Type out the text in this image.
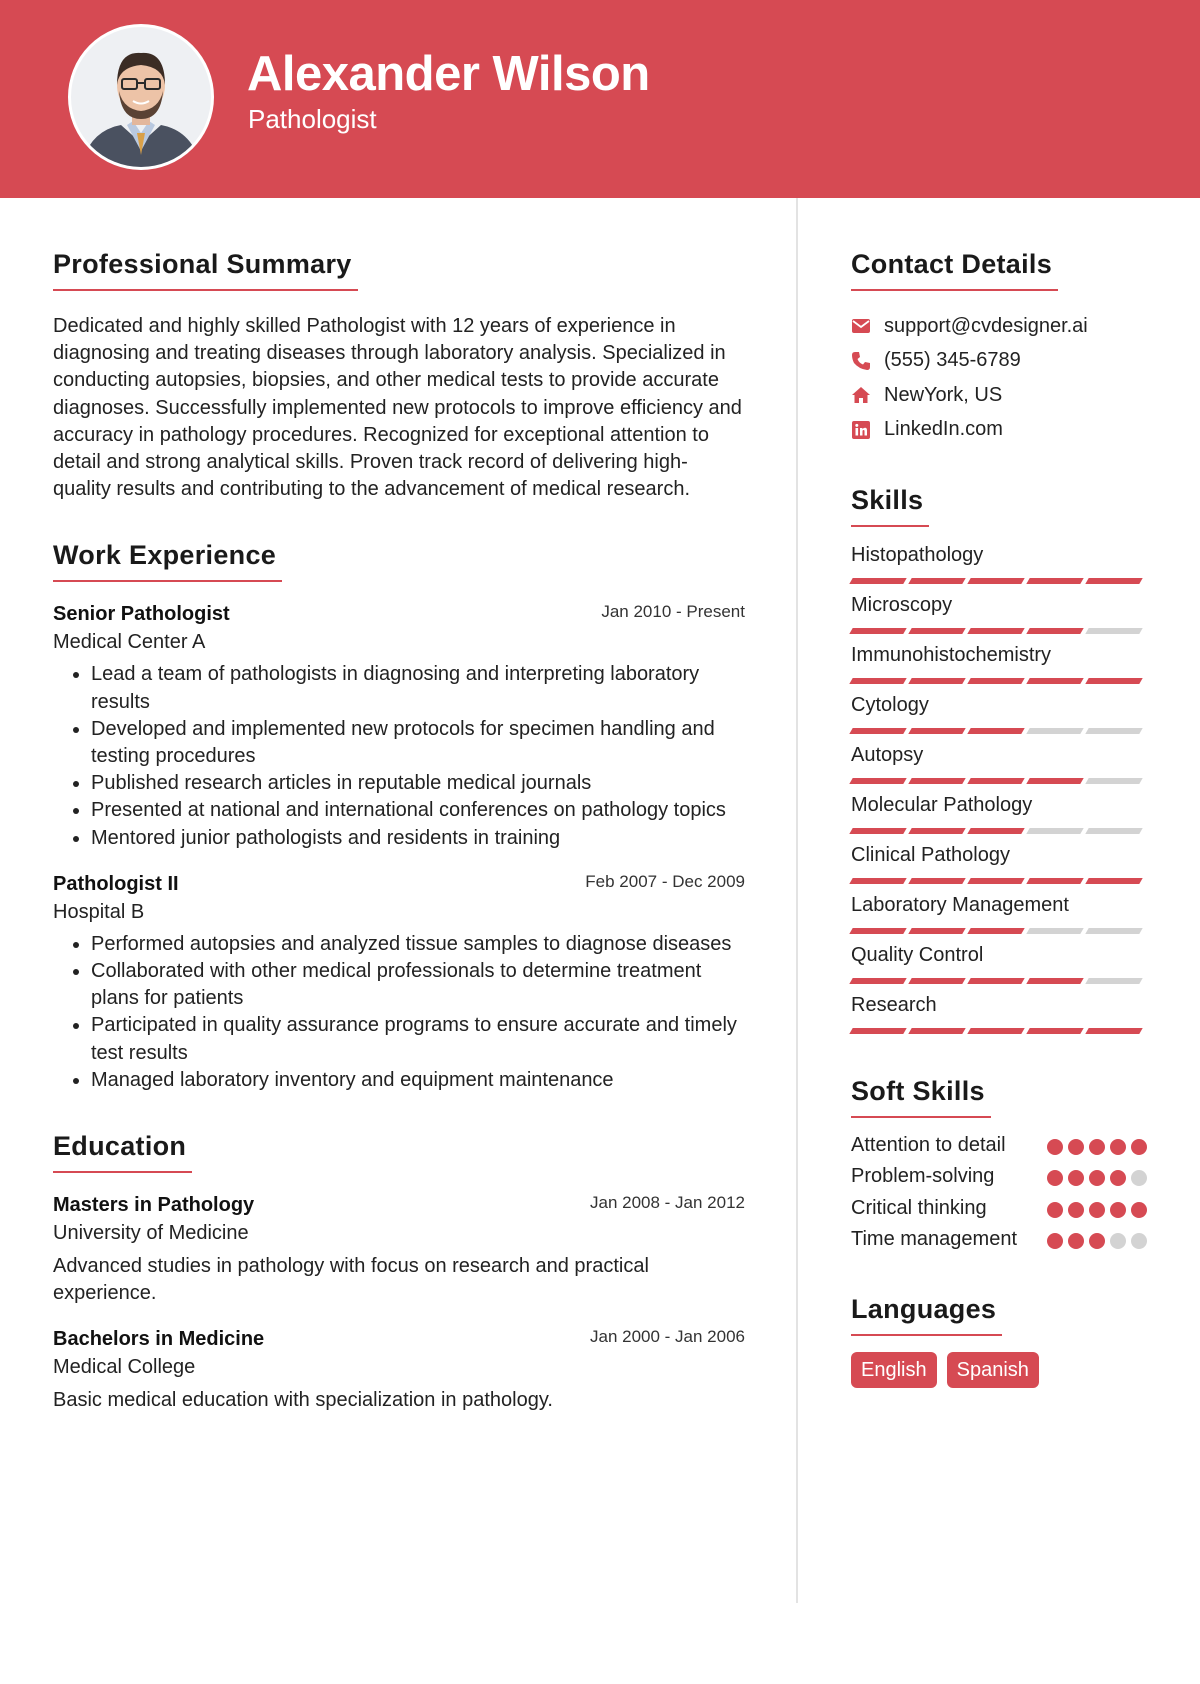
Alexander Wilson

Pathologist

Professional Summary

Dedicated and highly skilled Pathologist with 12 years of experience in diagnosing and treating diseases through laboratory analysis. Specialized in conducting autopsies, biopsies, and other medical tests to provide accurate diagnoses. Successfully implemented new protocols to improve efficiency and accuracy in pathology procedures. Recognized for exceptional attention to detail and strong analytical skills. Proven track record of delivering high-quality results and contributing to the advancement of medical research.

Work Experience
Senior Pathologist	Jan 2010 - Present
Medical Center A
• Lead a team of pathologists in diagnosing and interpreting laboratory results
• Developed and implemented new protocols for specimen handling and testing procedures
• Published research articles in reputable medical journals
• Presented at national and international conferences on pathology topics
• Mentored junior pathologists and residents in training
Pathologist II	Feb 2007 - Dec 2009
Hospital B
• Performed autopsies and analyzed tissue samples to diagnose diseases
• Collaborated with other medical professionals to determine treatment plans for patients
• Participated in quality assurance programs to ensure accurate and timely test results
• Managed laboratory inventory and equipment maintenance
Education
Masters in Pathology	Jan 2008 - Jan 2012
University of Medicine

Advanced studies in pathology with focus on research and practical experience.

Bachelors in Medicine	Jan 2000 - Jan 2006
Medical College

Basic medical education with specialization in pathology.

Contact Details
support@cvdesigner.ai
(555) 345-6789
NewYork, US
LinkedIn.com
Skills
Histopathology
Microscopy
Immunohistochemistry
Cytology
Autopsy
Molecular Pathology
Clinical Pathology
Laboratory Management
Quality Control
Research
Soft Skills
Attention to detail
Problem-solving
Critical thinking
Time management
Languages
English	Spanish
